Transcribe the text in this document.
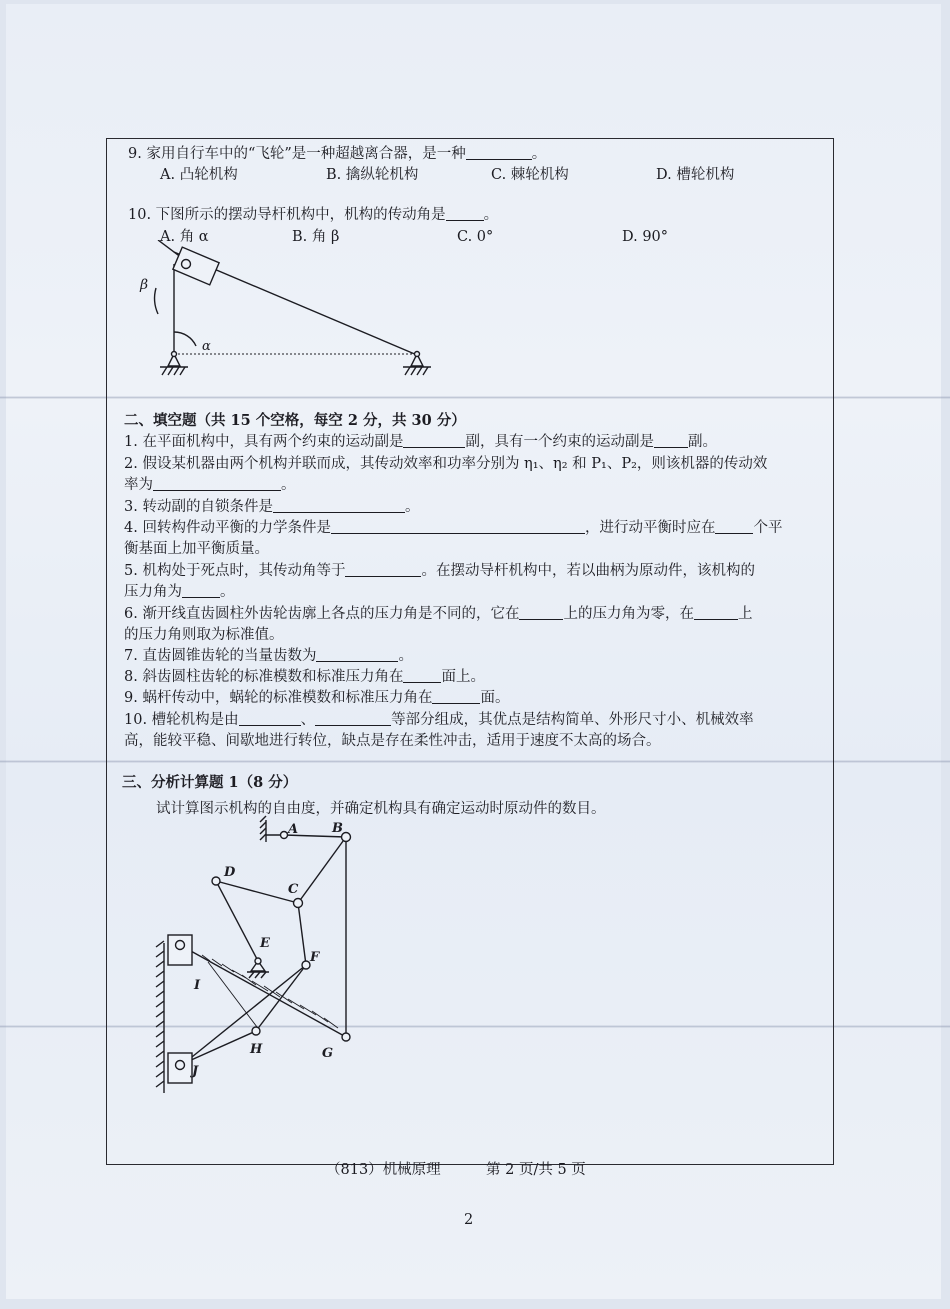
9. 家用自行车中的“飞轮”是一种超越离合器，是一种	。
A. 凸轮机构	B. 擒纵轮机构	C. 棘轮机构	D. 槽轮机构
10. 下图所示的摆动导杆机构中，机构的传动角是	。
A. 角 α	B. 角 β	C. 0°	D. 90°
β
α
二、填空题（共 15 个空格，每空 2 分，共 30 分）
1. 在平面机构中，具有两个约束的运动副是	副，具有一个约束的运动副是 副。
2. 假设某机器由两个机构并联而成，其传动效率和功率分别为 η₁、η₂ 和 P₁、P₂，则该机器的传动效
率为	。
3. 转动副的自锁条件是	。
4. 回转构件动平衡的力学条件是	，进行动平衡时应在	个平
衡基面上加平衡质量。
5. 机构处于死点时，其传动角等于	。在摆动导杆机构中，若以曲柄为原动件，该机构的
压力角为	。
6. 渐开线直齿圆柱外齿轮齿廓上各点的压力角是不同的，它在	上的压力角为零，在	上
的压力角则取为标准值。
7. 直齿圆锥齿轮的当量齿数为	。
8. 斜齿圆柱齿轮的标准模数和标准压力角在	面上。
9. 蜗杆传动中，蜗轮的标准模数和标准压力角在	面。
10. 槽轮机构是由	、	等部分组成，其优点是结构简单、外形尺寸小、机械效率
高，能较平稳、间歇地进行转位，缺点是存在柔性冲击，适用于速度不太高的场合。
三、分析计算题 1（8 分）
试计算图示机构的自由度，并确定机构具有确定运动时原动件的数目。
A	B
C
D
E
F
G
H
I
J
（813）机械原理	第 2 页/共 5 页
2
